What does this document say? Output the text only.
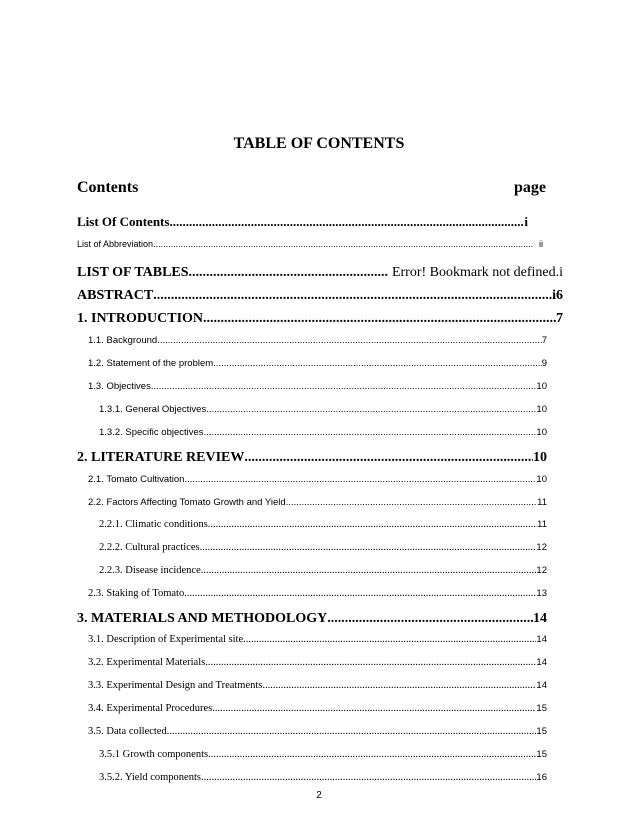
TABLE OF CONTENTS
Contents	page
List Of Contents .....	i
List of Abbreviation .....	ii
LIST OF TABLES .....	Error! Bookmark not defined.i
ABSTRACT .....	i6
1. INTRODUCTION .....	7
1.1. Background .....	7
1.2. Statement of the problem .....	9
1.3. Objectives .....	10
1.3.1. General Objectives .....	10
1.3.2. Specific objectives .....	10
2. LITERATURE REVIEW .....	10
2.1. Tomato Cultivation .....	10
2.2. Factors Affecting Tomato Growth and Yield .....	11
2.2.1. Climatic conditions .....	11
2.2.2. Cultural practices .....	12
2.2.3. Disease incidence .....	12
2.3. Staking of Tomato .....	13
3. MATERIALS AND METHODOLOGY .....	14
3.1. Description of Experimental site .....	14
3.2. Experimental Materials .....	14
3.3. Experimental Design and Treatments .....	14
3.4. Experimental Procedures .....	15
3.5. Data collected .....	15
3.5.1 Growth components .....	15
3.5.2. Yield components .....	16
2
